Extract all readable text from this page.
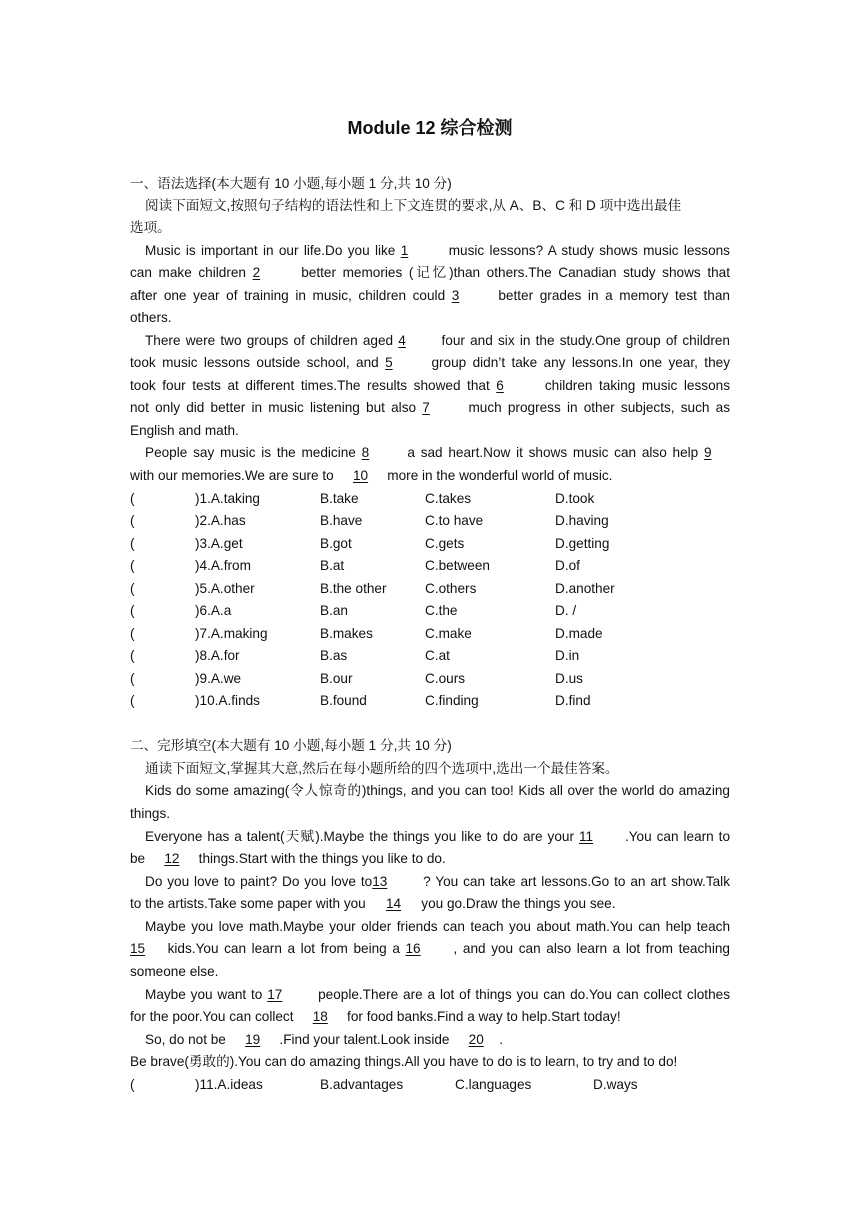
Module 12 综合检测
一、语法选择(本大题有 10 小题,每小题 1 分,共 10 分)
阅读下面短文,按照句子结构的语法性和上下文连贯的要求,从 A、B、C 和 D 项中选出最佳
选项。
Music is important in our life.Do you like 1	music lessons? A study shows music lessons
can make children 2	better memories (记忆)than others.The Canadian study shows that
after one year of training in music, children could 3 better grades in a memory test than
others.
There were two groups of children aged 4 four and six in the study.One group of children
took music lessons outside school, and 5 group didn’t take any lessons.In one year, they
took four tests at different times.The results showed that 6	children taking music lessons
not only did better in music listening but also 7 much progress in other subjects, such as
English and math.
People say music is the medicine 8 a sad heart.Now it shows music can also help 9
with our memories.We are sure to 10 more in the wonderful world of music.
(	)1.A.taking	B.take	C.takes	D.took
(	)2.A.has	B.have	C.to have	D.having
(	)3.A.get	B.got	C.gets	D.getting
(	)4.A.from	B.at	C.between	D.of
(	)5.A.other	B.the other	C.others	D.another
(	)6.A.a	B.an	C.the	D. /
(	)7.A.making	B.makes	C.make	D.made
(	)8.A.for	B.as	C.at	D.in
(	)9.A.we	B.our	C.ours	D.us
(	)10.A.finds	B.found	C.finding	D.find
二、完形填空(本大题有 10 小题,每小题 1 分,共 10 分)
通读下面短文,掌握其大意,然后在每小题所给的四个选项中,选出一个最佳答案。
Kids do some amazing(令人惊奇的)things, and you can too! Kids all over the world do amazing
things.
Everyone has a talent(天赋).Maybe the things you like to do are your 11 .You can learn to
be 12 things.Start with the things you like to do.
Do you love to paint? Do you love to13 ? You can take art lessons.Go to an art show.Talk
to the artists.Take some paper with you 14 you go.Draw the things you see.
Maybe you love math.Maybe your older friends can teach you about math.You can help teach
15 kids.You can learn a lot from being a 16 , and you can also learn a lot from teaching
someone else.
Maybe you want to 17 people.There are a lot of things you can do.You can collect clothes
for the poor.You can collect 18 for food banks.Find a way to help.Start today!
So, do not be 19 .Find your talent.Look inside 20 .
Be brave(勇敢的).You can do amazing things.All you have to do is to learn, to try and to do!
(	)11.A.ideas	B.advantages	C.languages	D.ways
